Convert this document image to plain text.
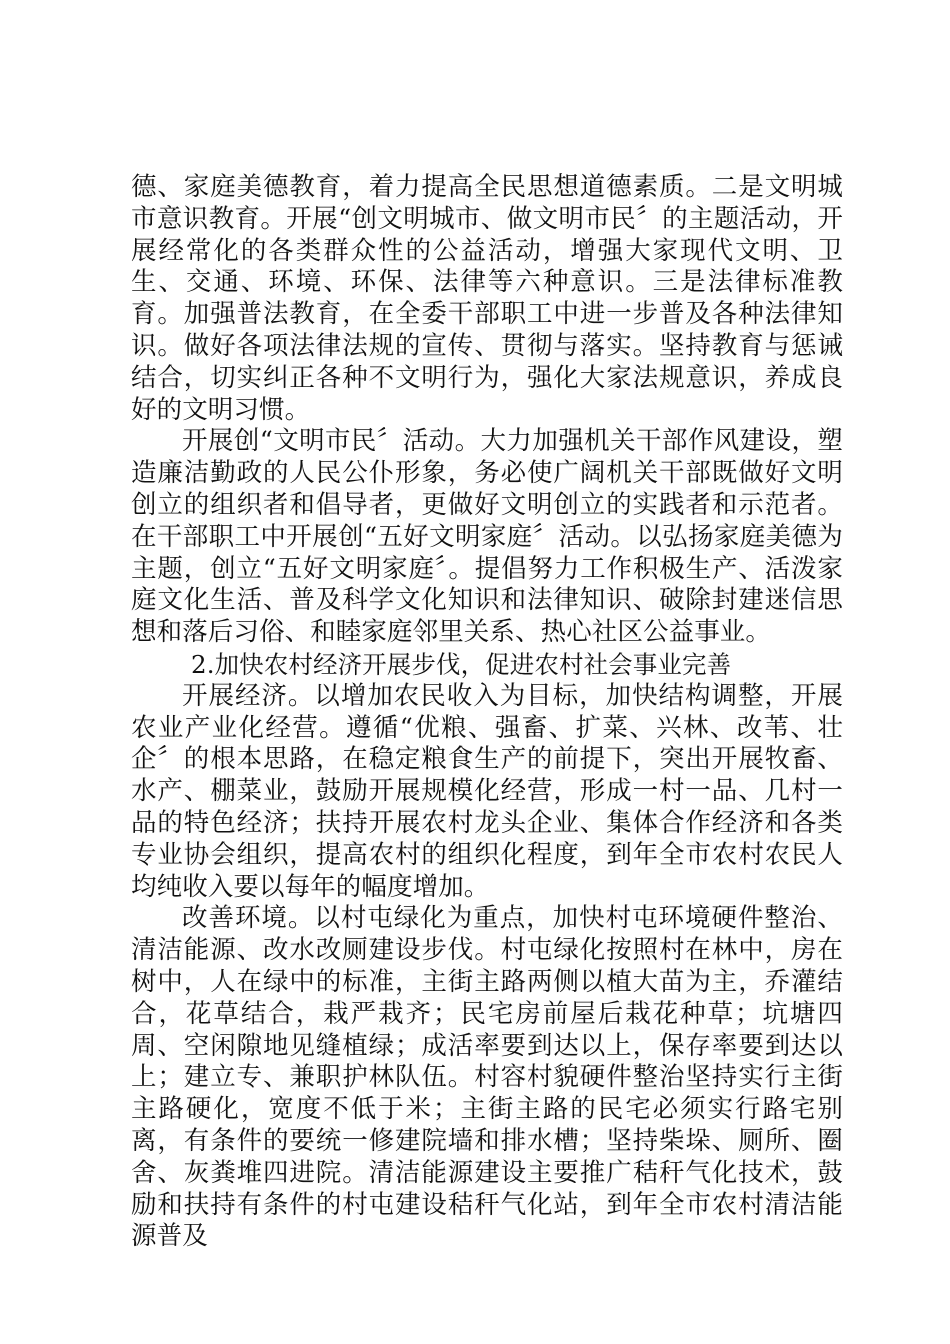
德、家庭美德教育，着力提高全民思想道德素质。二是文明城市意识教育。开展“创文明城市、做文明市民〞的主题活动，开展经常化的各类群众性的公益活动，增强大家现代文明、卫生、交通、环境、环保、法律等六种意识。三是法律标准教育。加强普法教育，在全委干部职工中进一步普及各种法律知识。做好各项法律法规的宣传、贯彻与落实。坚持教育与惩诫结合，切实纠正各种不文明行为，强化大家法规意识，养成良好的文明习惯。

开展创“文明市民〞活动。大力加强机关干部作风建设，塑造廉洁勤政的人民公仆形象，务必使广阔机关干部既做好文明创立的组织者和倡导者，更做好文明创立的实践者和示范者。在干部职工中开展创“五好文明家庭〞活动。以弘扬家庭美德为主题，创立“五好文明家庭〞。提倡努力工作积极生产、活泼家庭文化生活、普及科学文化知识和法律知识、破除封建迷信思想和落后习俗、和睦家庭邻里关系、热心社区公益事业。

2.加快农村经济开展步伐，促进农村社会事业完善

开展经济。以增加农民收入为目标，加快结构调整，开展农业产业化经营。遵循“优粮、强畜、扩菜、兴林、改苇、壮企〞的根本思路，在稳定粮食生产的前提下，突出开展牧畜、水产、棚菜业，鼓励开展规模化经营，形成一村一品、几村一品的特色经济；扶持开展农村龙头企业、集体合作经济和各类专业协会组织，提高农村的组织化程度，到年全市农村农民人均纯收入要以每年的幅度增加。

改善环境。以村屯绿化为重点，加快村屯环境硬件整治、清洁能源、改水改厕建设步伐。村屯绿化按照村在林中，房在树中，人在绿中的标准，主街主路两侧以植大苗为主，乔灌结合，花草结合，栽严栽齐；民宅房前屋后栽花种草；坑塘四周、空闲隙地见缝植绿；成活率要到达以上，保存率要到达以上；建立专、兼职护林队伍。村容村貌硬件整治坚持实行主街主路硬化，宽度不低于米；主街主路的民宅必须实行路宅别离，有条件的要统一修建院墙和排水槽；坚持柴垛、厕所、圈舍、灰粪堆四进院。清洁能源建设主要推广秸秆气化技术，鼓励和扶持有条件的村屯建设秸秆气化站，到年全市农村清洁能源普及
